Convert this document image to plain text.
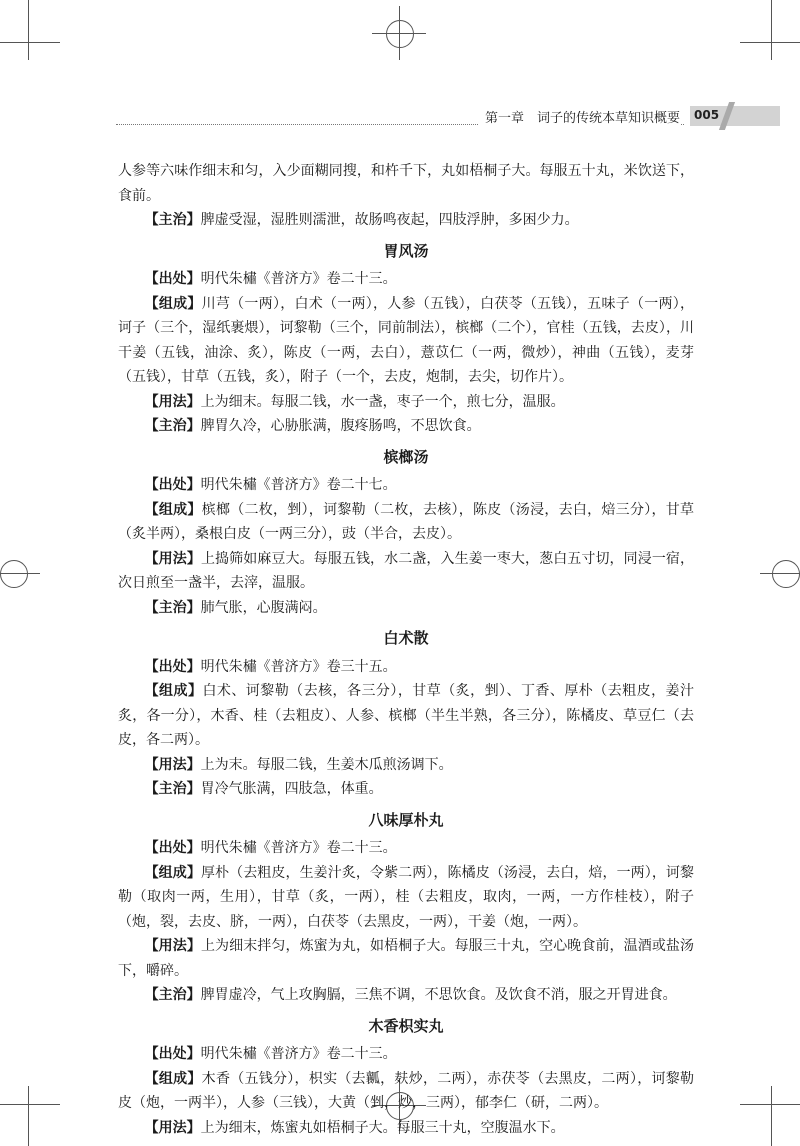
第一章　词子的传统本草知识概要 005

人参等六味作细末和匀，入少面糊同搜，和杵千下，丸如梧桐子大。每服五十丸，米饮送下，食前。

【主治】脾虚受湿，湿胜则濡泄，故肠鸣夜起，四肢浮肿，多困少力。

胃风汤

【出处】明代朱橚《普济方》卷二十三。

【组成】川芎（一两），白术（一两），人参（五钱），白茯苓（五钱），五味子（一两），诃子（三个，湿纸裹煨），诃黎勒（三个，同前制法），槟榔（二个），官桂（五钱，去皮），川干姜（五钱，油涂、炙），陈皮（一两，去白），薏苡仁（一两，微炒），神曲（五钱），麦芽（五钱），甘草（五钱，炙），附子（一个，去皮，炮制，去尖，切作片）。

【用法】上为细末。每服二钱，水一盏，枣子一个，煎七分，温服。

【主治】脾胃久冷，心胁胀满，腹疼肠鸣，不思饮食。

槟榔汤

【出处】明代朱橚《普济方》卷二十七。

【组成】槟榔（二枚，剉），诃黎勒（二枚，去核），陈皮（汤浸，去白，焙三分），甘草（炙半两），桑根白皮（一两三分），豉（半合，去皮）。

【用法】上捣筛如麻豆大。每服五钱，水二盏，入生姜一枣大，葱白五寸切，同浸一宿，次日煎至一盏半，去滓，温服。

【主治】肺气胀，心腹满闷。

白术散

【出处】明代朱橚《普济方》卷三十五。

【组成】白术、诃黎勒（去核，各三分），甘草（炙，剉）、丁香、厚朴（去粗皮，姜汁炙，各一分），木香、桂（去粗皮）、人参、槟榔（半生半熟，各三分），陈橘皮、草豆仁（去皮，各二两）。

【用法】上为末。每服二钱，生姜木瓜煎汤调下。

【主治】胃冷气胀满，四肢急，体重。

八味厚朴丸

【出处】明代朱橚《普济方》卷二十三。

【组成】厚朴（去粗皮，生姜汁炙，令紫二两），陈橘皮（汤浸，去白，焙，一两），诃黎勒（取肉一两，生用），甘草（炙，一两），桂（去粗皮，取肉，一两，一方作桂枝），附子（炮，裂，去皮、脐，一两），白茯苓（去黑皮，一两），干姜（炮，一两）。

【用法】上为细末拌匀，炼蜜为丸，如梧桐子大。每服三十丸，空心晚食前，温酒或盐汤下，嚼碎。

【主治】脾胃虚冷，气上攻胸膈，三焦不调，不思饮食。及饮食不消，服之开胃进食。

木香枳实丸

【出处】明代朱橚《普济方》卷二十三。

【组成】木香（五钱分），枳实（去瓤，麸炒，二两），赤茯苓（去黑皮，二两），诃黎勒皮（炮，一两半），人参（三钱），大黄（剉，炒，三两），郁李仁（研，二两）。

【用法】上为细末，炼蜜丸如梧桐子大。每服三十丸，空腹温水下。
